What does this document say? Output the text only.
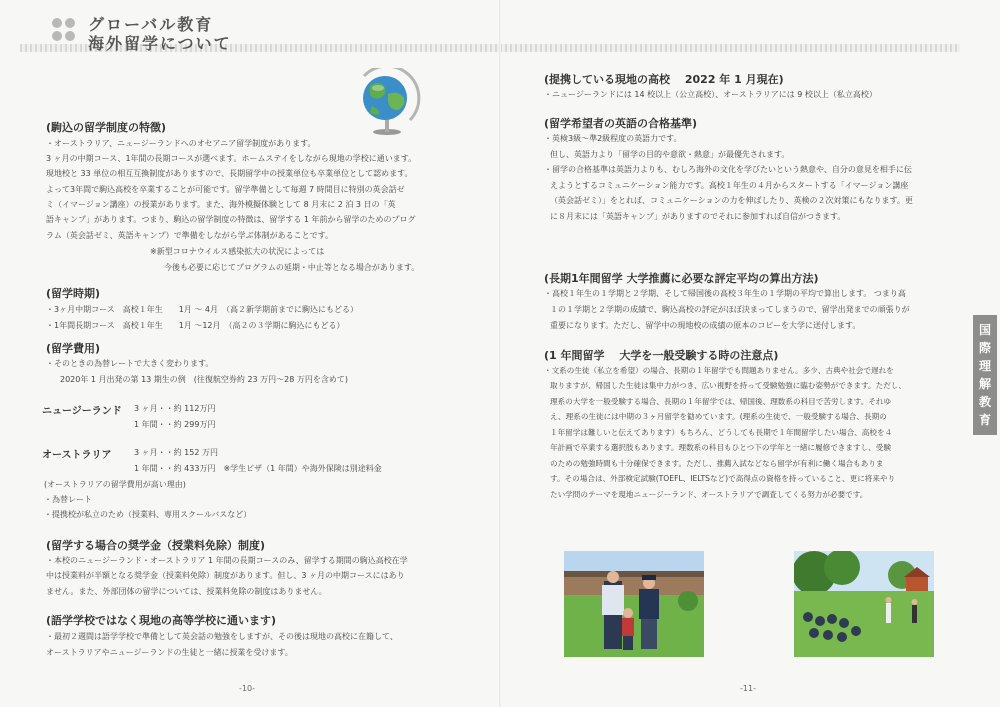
グローバル教育
海外留学について
(駒込の留学制度の特徴)
・オーストラリア、ニュージーランドへのオセアニア留学制度があります。
3 ヶ月の中期コース、1年間の長期コースが選べます。ホームステイをしながら現地の学校に通います。
現地校と 33 単位の相互互換制度がありますので、長期留学中の授業単位も卒業単位として認めます。
よって3年間で駒込高校を卒業することが可能です。留学準備として毎週 7 時間目に特別の英会話ゼ
ミ（イマージョン講座）の授業があります。また、海外模擬体験として 8 月末に 2 泊 3 日の「英
語キャンプ」があります。つまり、駒込の留学制度の特徴は、留学する 1 年前から留学のためのプログ
ラム（英会話ゼミ、英語キャンプ）で準備をしながら学ぶ体制があることです。
※新型コロナウイルス感染拡大の状況によっては
今後も必要に応じてプログラムの延期・中止等となる場合があります。
(留学時期)
・3ヶ月中期コース　高校１年生　　1月 〜 4月　（高２新学期前までに駒込にもどる）
・1年間長期コース　高校１年生　　1月 〜12月　（高２の３学期に駒込にもどる）
(留学費用)
・そのときの為替レートで大きく変わります。
2020年 1 月出発の第 13 期生の例　(往復航空券約 23 万円〜28 万円を含めて)
ニュージーランド 3 ヶ月・・約 112万円
1 年間・・約 299万円
オーストラリア	3 ヶ月・・約 152 万円
1 年間・・約 433万円　※学生ビザ（1 年間）や海外保険は別途料金
(オーストラリアの留学費用が高い理由)
・為替レート
・提携校が私立のため（授業料、専用スクールバスなど）
(留学する場合の奨学金（授業料免除）制度)
・本校のニュージーランド・オーストラリア 1 年間の長期コースのみ、留学する期間の駒込高校在学
中は授業料が半額となる奨学金（授業料免除）制度があります。但し、3 ヶ月の中期コースにはあり
ません。また、外部団体の留学については、授業料免除の制度はありません。
(語学学校ではなく現地の高等学校に通います)
・最初２週間は語学学校で準備として英会話の勉強をしますが、その後は現地の高校に在籍して、
オーストラリアやニュージーランドの生徒と一緒に授業を受けます。
-10-
(提携している現地の高校　 2022 年 1 月現在)
・ニュージーランドには 14 校以上（公立高校）、オーストラリアには 9 校以上（私立高校）
(留学希望者の英語の合格基準)
・英検3級〜準2級程度の英語力です。
但し、英語力より「留学の目的や意欲・熱意」が最優先されます。
・留学の合格基準は英語力よりも、むしろ海外の文化を学びたいという熱意や、自分の意見を相手に伝
えようとするコミュニケーション能力です。高校１年生の４月からスタートする「イマージョン講座
（英会話ゼミ）」をとれば、コミュニケーションの力を伸ばしたり、英検の２次対策にもなります。更
に８月末には「英語キャンプ」がありますのでそれに参加すれば自信がつきます。
(長期1年間留学 大学推薦に必要な評定平均の算出方法)
・高校１年生の１学期と２学期、そして帰国後の高校３年生の１学期の平均で算出します。 つまり高
１の１学期と２学期の成績で、駒込高校の評定がほぼ決まってしまうので、留学出発までの頑張りが
重要になります。ただし、留学中の現地校の成績の原本のコピーを大学に送付します。
(1 年間留学　 大学を一般受験する時の注意点)
・文系の生徒（私立を希望）の場合、長期の１年留学でも問題ありません。多少、古典や社会で遅れを
取りますが、帰国した生徒は集中力がつき、広い視野を持って受験勉強に臨む姿勢ができます。ただし、
理系の大学を一般受験する場合、長期の１年留学では、帰国後、理数系の科目で苦労します。それゆ
え、理系の生徒には中期の３ヶ月留学を勧めています。(理系の生徒で、一般受験する場合、長期の
１年留学は難しいと伝えてあります）もちろん、どうしても長期で１年間留学したい場合、高校を４
年計画で卒業する選択肢もあります。理数系の科目もひとつ下の学年と一緒に履修できますし、受験
のための勉強時間も十分確保できます。ただし、推薦入試などなら留学が有利に働く場合もありま
す。その場合は、外部検定試験(TOEFL、IELTSなど)で高得点の資格を持っていること、更に将来やり
たい学問のテーマを現地ニュージーランド、オーストラリアで調査してくる努力が必要です。
-11-
国
際
理
解
教
育
